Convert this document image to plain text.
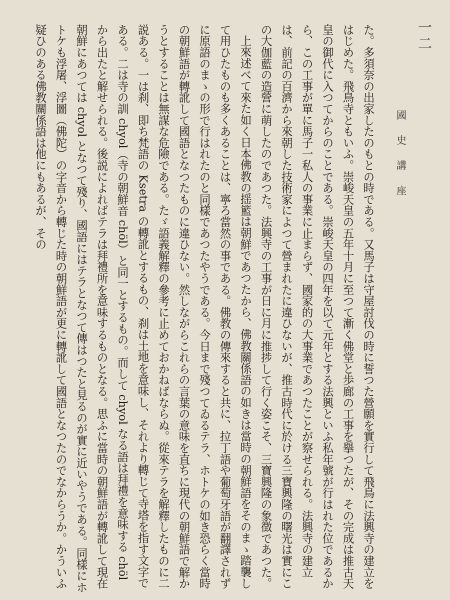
一二
國 史 講 座

た。多須奈の出家したのもとの時である。又馬子は守屋討伐の時に誓つた營願を實行して飛鳥に法興寺の建立をはじめた。飛鳥寺ともいふ。崇峻天皇の五年十月に至つて漸く佛堂と歩廊の工事を擧つたが、その完成は推古天皇の御代に入つてからのことである。崇峻天皇の四年を以て元年とする法興といふ私年號が行はれた位であるから、この工事が單に馬子一私人の事業に止まらず、國家的の大事業であつたことが察せられる。法興寺の建立は、前記の百濟から來朝した技術家によつて營まれたに違ひないが、推古時代に於ける三寶興隆の曙光は實にこの大伽藍の造營に萌したのであつた。法興寺の工事が日に月に推捗して行く姿こそ、三寶興隆の象徴であつた。

上來述べて來た如く日本佛教の揺籃は朝鮮であつたから、佛教關係語の如きは當時の朝鮮語をそのまゝ踏襲して用ひたものも多くあることは、寧ろ當然の事である。佛教の傳來すると共に、拉丁語や葡萄牙語が翻譯されずに原語のまゝの形で行はれたのと同樣であつたやうである。今日まで殘つてゐるテラ、ホトケの如き恐らく當時の朝鮮語が轉訛して國語となつたものに違ひない。然しながらこれらの言葉の意味を直ちに現代の朝鮮語で解かうとすることは無謀な危險である。たゞ語義解釋の參考に止めておかねばならぬ。從來テラを解釋したものに二説ある。一は刹、即ち梵語の Ksetra の轉訛とするもの、刹は土地を意味し、それより轉じて寺塔を指す文字である。二は寺の訓 chyol（寺の朝鮮音 chöl）と同一とするもの。而して chyol なる語は拜禮を意味する chöl から出たと解せられる。後説によればテラは拜禮所を意味するものとなる。思ふに當時の朝鮮語が轉訛して現在朝鮮にあつては chyol となつて殘り、國語にはテラとなつて傳はつたと見るのが實に近いやうである。同樣にホトケも浮屠、浮圖（佛陀）の字音から轉じた時の朝鮮語が更に轉訛して國語となつたのでなからうか。かういふ疑ひのある佛教關係語は他にもあるが、その
